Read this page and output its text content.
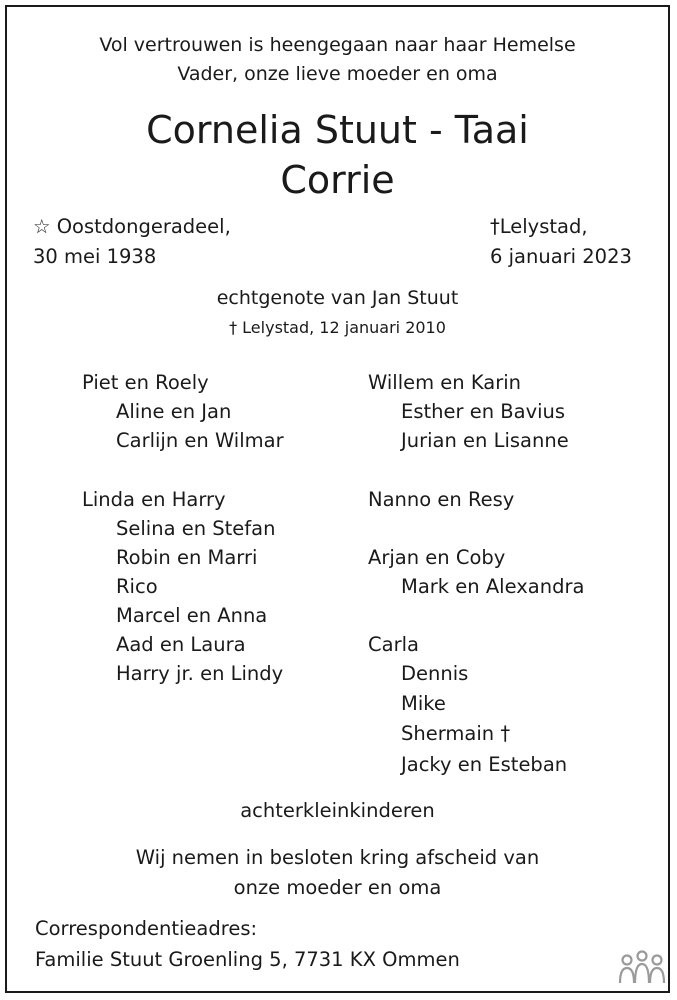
Vol vertrouwen is heengegaan naar haar Hemelse
Vader, onze lieve moeder en oma
Cornelia Stuut - Taai
Corrie
☆ Oostdongeradeel,
30 mei 1938
†Lelystad,
6 januari 2023
echtgenote van Jan Stuut
† Lelystad, 12 januari 2010
Piet en Roely
Aline en Jan
Carlijn en Wilmar
Linda en Harry
Selina en Stefan
Robin en Marri
Rico
Marcel en Anna
Aad en Laura
Harry jr. en Lindy
Willem en Karin
Esther en Bavius
Jurian en Lisanne
Nanno en Resy
Arjan en Coby
Mark en Alexandra
Carla
Dennis
Mike
Shermain †
Jacky en Esteban
achterkleinkinderen
Wij nemen in besloten kring afscheid van
onze moeder en oma
Correspondentieadres:
Familie Stuut Groenling 5, 7731 KX Ommen
